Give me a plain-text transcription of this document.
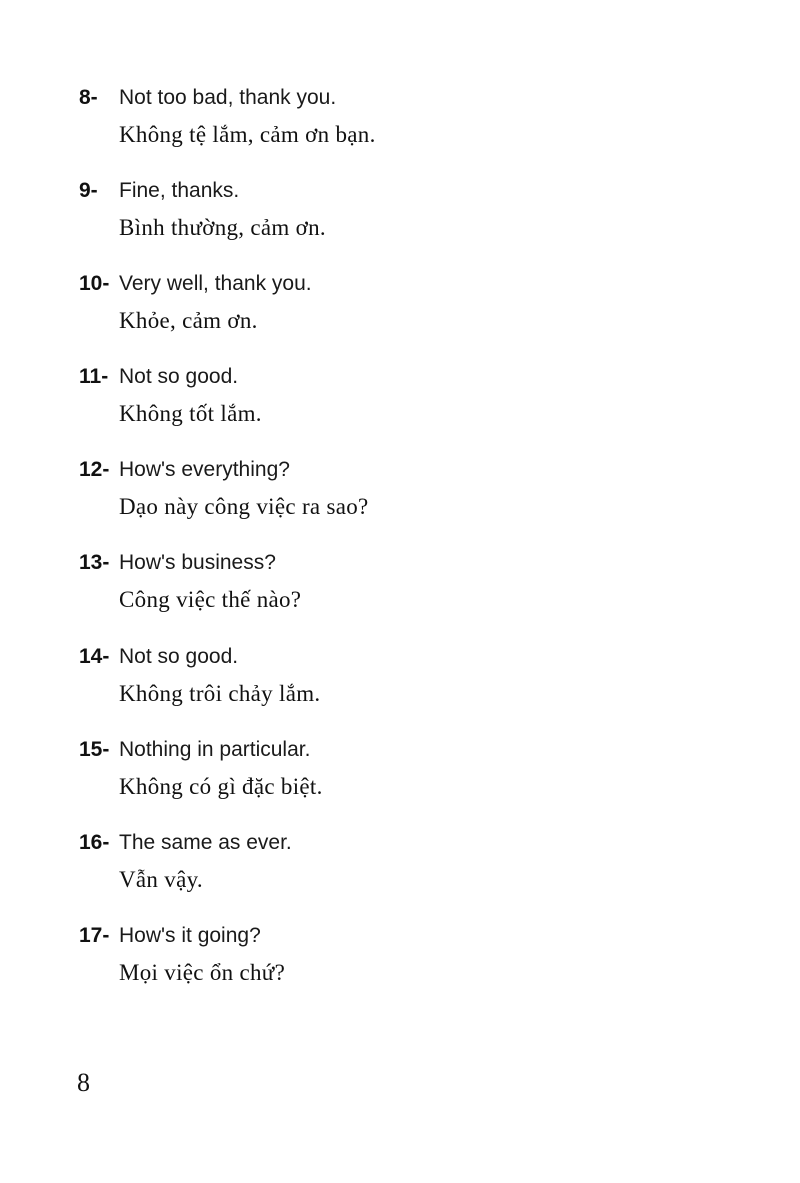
8-	Not too bad, thank you.
Không tệ lắm, cảm ơn bạn.
9-	Fine, thanks.
Bình thường, cảm ơn.
10- Very well, thank you.
Khỏe, cảm ơn.
11- Not so good.
Không tốt lắm.
12- How's everything?
Dạo này công việc ra sao?
13- How's business?
Công việc thế nào?
14- Not so good.
Không trôi chảy lắm.
15- Nothing in particular.
Không có gì đặc biệt.
16- The same as ever.
Vẫn vậy.
17- How's it going?
Mọi việc ổn chứ?
8
